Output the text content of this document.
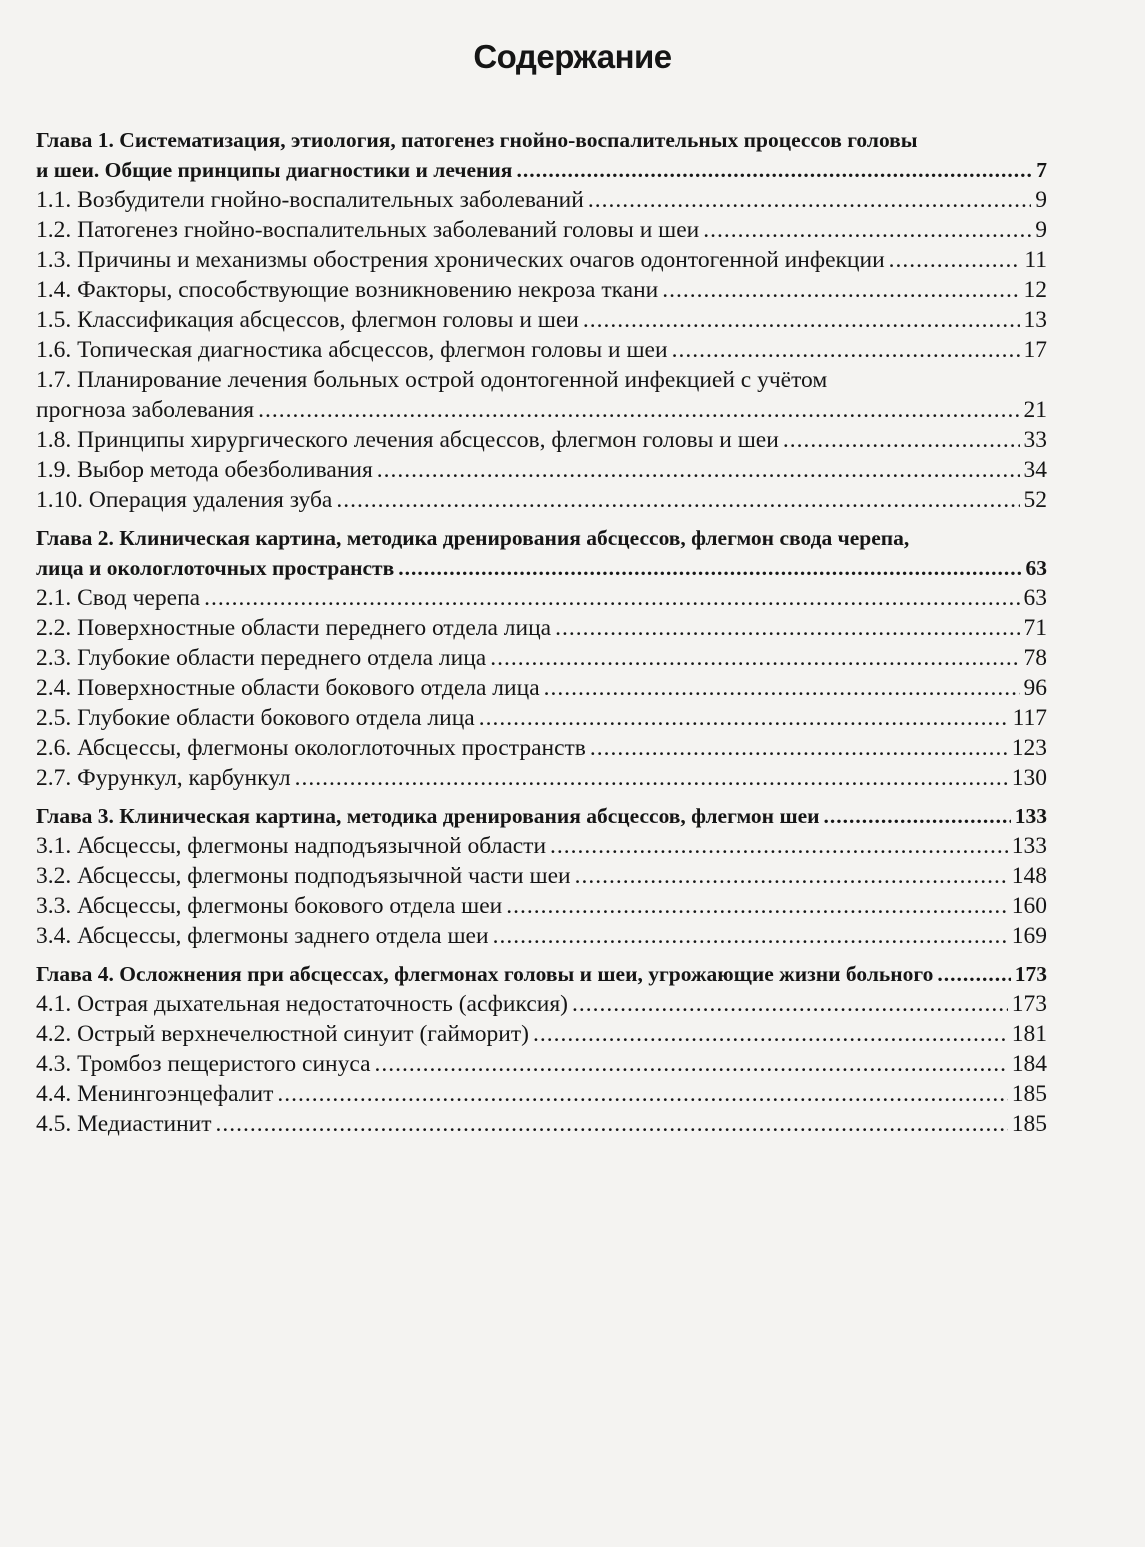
Содержание
Глава 1. Систематизация, этиология, патогенез гнойно-воспалительных процессов головы
и шеи. Общие принципы диагностики и лечения .....	7
1.1. Возбудители гнойно-воспалительных заболеваний .....	9
1.2. Патогенез гнойно-воспалительных заболеваний головы и шеи .....	9
1.3. Причины и механизмы обострения хронических очагов одонтогенной инфекции .....	11
1.4. Факторы, способствующие возникновению некроза ткани .....	12
1.5. Классификация абсцессов, флегмон головы и шеи .....	13
1.6. Топическая диагностика абсцессов, флегмон головы и шеи .....	17
1.7. Планирование лечения больных острой одонтогенной инфекцией с учётом
прогноза заболевания .....	21
1.8. Принципы хирургического лечения абсцессов, флегмон головы и шеи .....	33
1.9. Выбор метода обезболивания .....	34
1.10. Операция удаления зуба .....	52
Глава 2. Клиническая картина, методика дренирования абсцессов, флегмон свода черепа,
лица и окологлоточных пространств .....	63
2.1. Свод черепа .....	63
2.2. Поверхностные области переднего отдела лица .....	71
2.3. Глубокие области переднего отдела лица .....	78
2.4. Поверхностные области бокового отдела лица .....	96
2.5. Глубокие области бокового отдела лица .....	117
2.6. Абсцессы, флегмоны окологлоточных пространств .....	123
2.7. Фурункул, карбункул .....	130
Глава 3. Клиническая картина, методика дренирования абсцессов, флегмон шеи .....	133
3.1. Абсцессы, флегмоны надподъязычной области .....	133
3.2. Абсцессы, флегмоны подподъязычной части шеи .....	148
3.3. Абсцессы, флегмоны бокового отдела шеи .....	160
3.4. Абсцессы, флегмоны заднего отдела шеи .....	169
Глава 4. Осложнения при абсцессах, флегмонах головы и шеи, угрожающие жизни больного .....	173
4.1. Острая дыхательная недостаточность (асфиксия) .....	173
4.2. Острый верхнечелюстной синуит (гайморит) .....	181
4.3. Тромбоз пещеристого синуса .....	184
4.4. Менингоэнцефалит .....	185
4.5. Медиастинит .....	185
